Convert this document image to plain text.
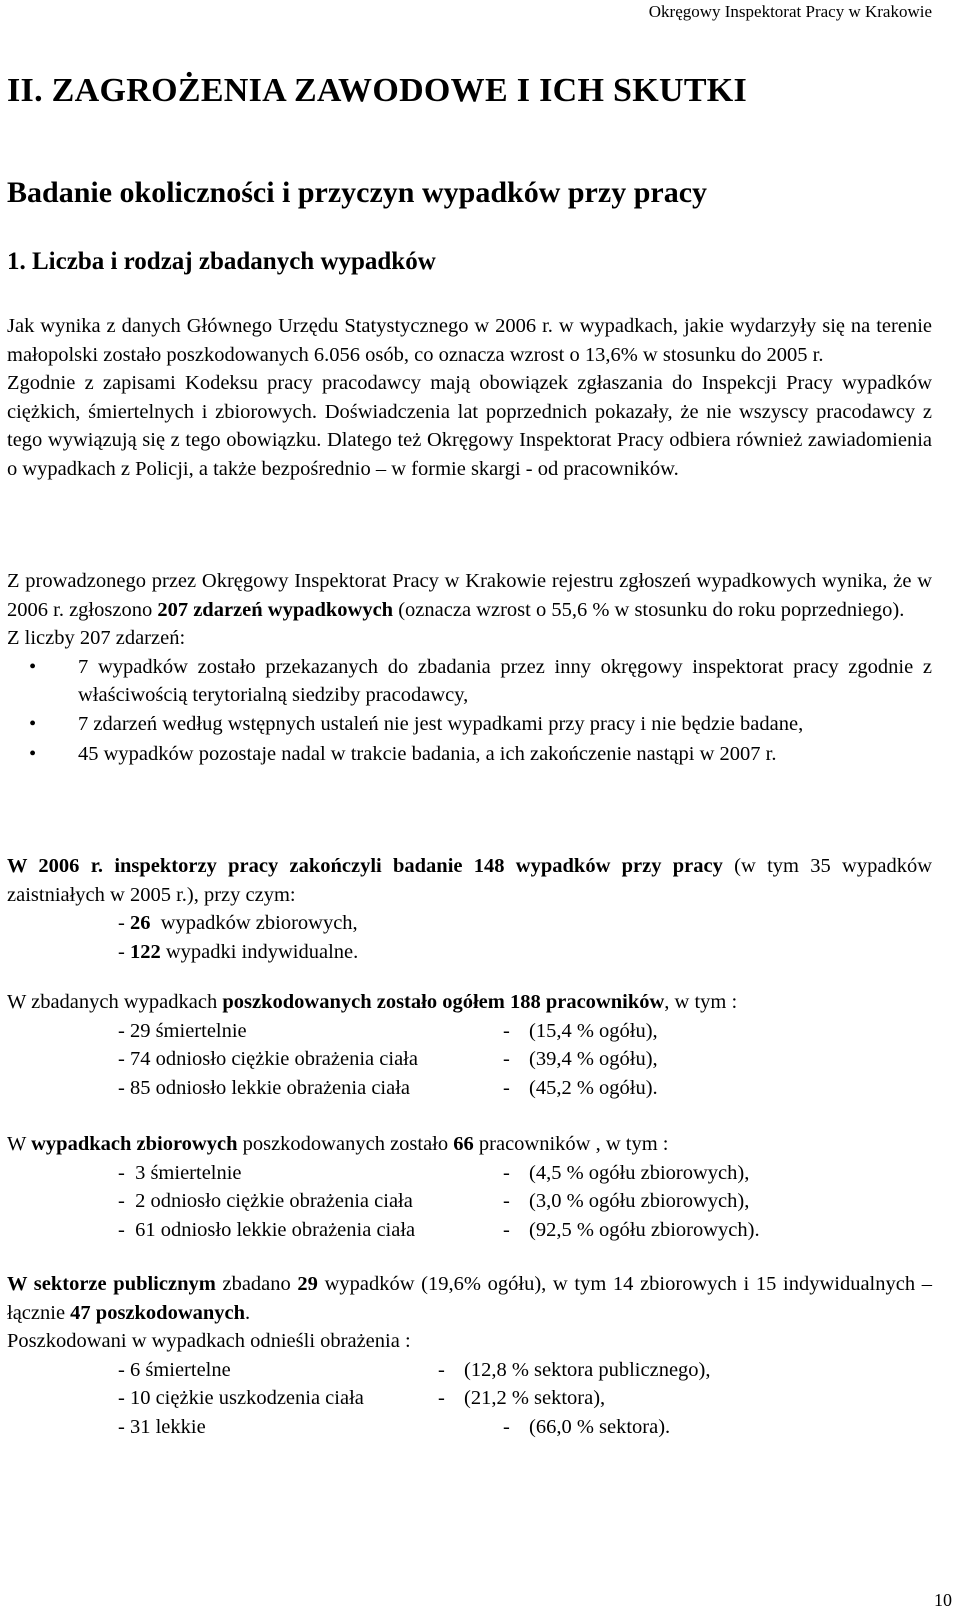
Okręgowy Inspektorat Pracy w Krakowie
II. ZAGROŻENIA ZAWODOWE I ICH SKUTKI
Badanie okoliczności i przyczyn wypadków przy pracy
1. Liczba i rodzaj zbadanych wypadków

Jak wynika z danych Głównego Urzędu Statystycznego w 2006 r. w wypadkach, jakie wydarzyły się na terenie małopolski zostało poszkodowanych 6.056 osób, co oznacza wzrost o 13,6% w stosunku do 2005 r.

Zgodnie z zapisami Kodeksu pracy pracodawcy mają obowiązek zgłaszania do Inspekcji Pracy wypadków ciężkich, śmiertelnych i zbiorowych. Doświadczenia lat poprzednich pokazały, że nie wszyscy pracodawcy z tego wywiązują się z tego obowiązku. Dlatego też Okręgowy Inspektorat Pracy odbiera również zawiadomienia o wypadkach z Policji, a także bezpośrednio – w formie skargi - od pracowników.

Z prowadzonego przez Okręgowy Inspektorat Pracy w Krakowie rejestru zgłoszeń wypadkowych wynika, że w 2006 r. zgłoszono 207 zdarzeń wypadkowych (oznacza wzrost o 55,6 % w stosunku do roku poprzedniego).

Z liczby 207 zdarzeń:

• 7 wypadków zostało przekazanych do zbadania przez inny okręgowy inspektorat pracy zgodnie z właściwością terytorialną siedziby pracodawcy,
• 7 zdarzeń według wstępnych ustaleń nie jest wypadkami przy pracy i nie będzie badane,
• 45 wypadków pozostaje nadal w trakcie badania, a ich zakończenie nastąpi w 2007 r.

W 2006 r. inspektorzy pracy zakończyli badanie 148 wypadków przy pracy (w tym 35 wypadków zaistniałych w 2005 r.), przy czym:

- 26  wypadków zbiorowych,
- 122 wypadki indywidualne.

W zbadanych wypadkach poszkodowanych zostało ogółem 188 pracowników, w tym :

- 29 śmiertelnie	- (15,4 % ogółu),
- 74 odniosło ciężkie obrażenia ciała	- (39,4 % ogółu),
- 85 odniosło lekkie obrażenia ciała	- (45,2 % ogółu).

W wypadkach zbiorowych poszkodowanych zostało 66 pracowników , w tym :

-  3 śmiertelnie	- (4,5 % ogółu zbiorowych),
-  2 odniosło ciężkie obrażenia ciała	- (3,0 % ogółu zbiorowych),
-  61 odniosło lekkie obrażenia ciała	- (92,5 % ogółu zbiorowych).

W sektorze publicznym zbadano 29 wypadków (19,6% ogółu), w tym 14 zbiorowych i 15 indywidualnych – łącznie 47 poszkodowanych.

Poszkodowani w wypadkach odnieśli obrażenia :

- 6 śmiertelne	- (12,8 % sektora publicznego),
- 10 ciężkie uszkodzenia ciała	- (21,2 % sektora),
- 31 lekkie	- (66,0 % sektora).
10
